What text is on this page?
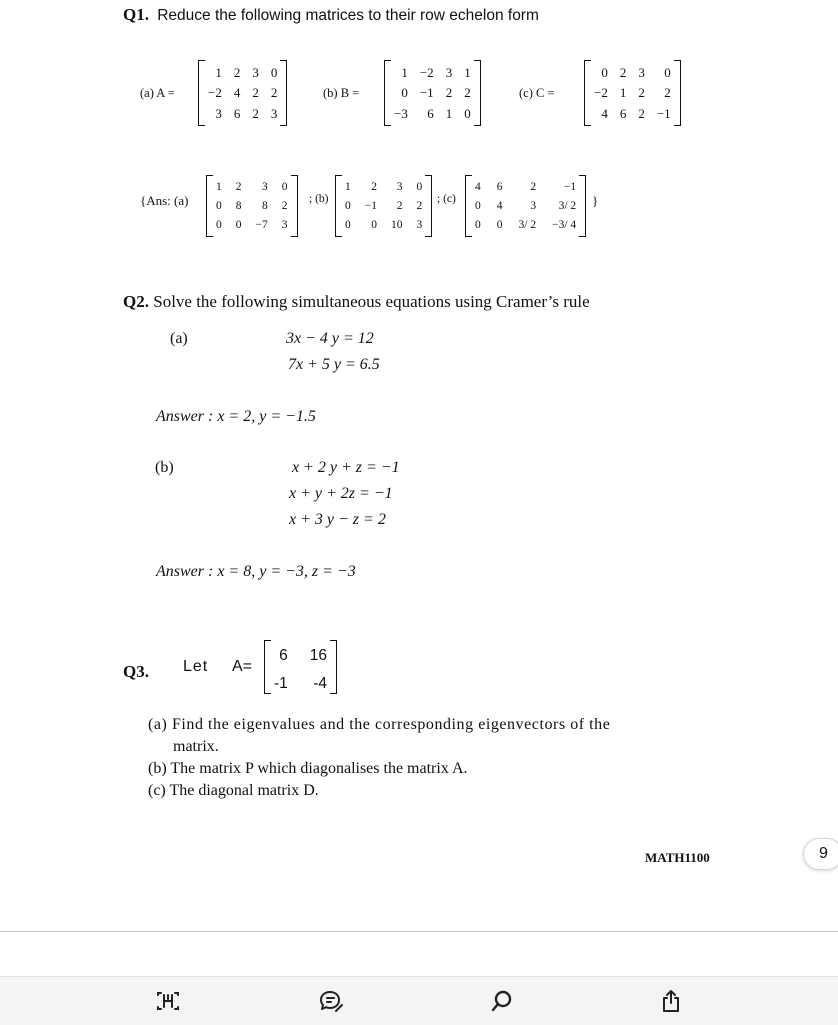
Q1. Reduce the following matrices to their row echelon form
(a) A =
1 2 3 0
−2 4 2 2
3 6 2 3
(b) B =
1 −2 3 1
0 −1 2 2
−3 6 1 0
(c) C =
0 2 3 0
−2 1 2 2
4 6 2 −1
{Ans: (a)
1 2 3 0
0 8 8 2
0 0 −7 3
; (b)
1 2 3 0
0 −1 2 2
0 0 10 3
; (c)
4 6 2 −1
0 4 3 3/ 2
0 0 3/ 2 −3/ 4
}
Q2. Solve the following simultaneous equations using Cramer’s rule
(a)	3x − 4 y = 12
7x + 5 y = 6.5
Answer : x = 2, y = −1.5
(b)	x + 2 y + z = −1
x + y + 2z = −1
x + 3 y − z = 2
Answer : x = 8, y = −3, z = −3
Q3. Let A=
6 16
-1 -4
(a) Find the eigenvalues and the corresponding eigenvectors of the
matrix.
(b) The matrix P which diagonalises the matrix A.
(c) The diagonal matrix D.
MATH1100	9
